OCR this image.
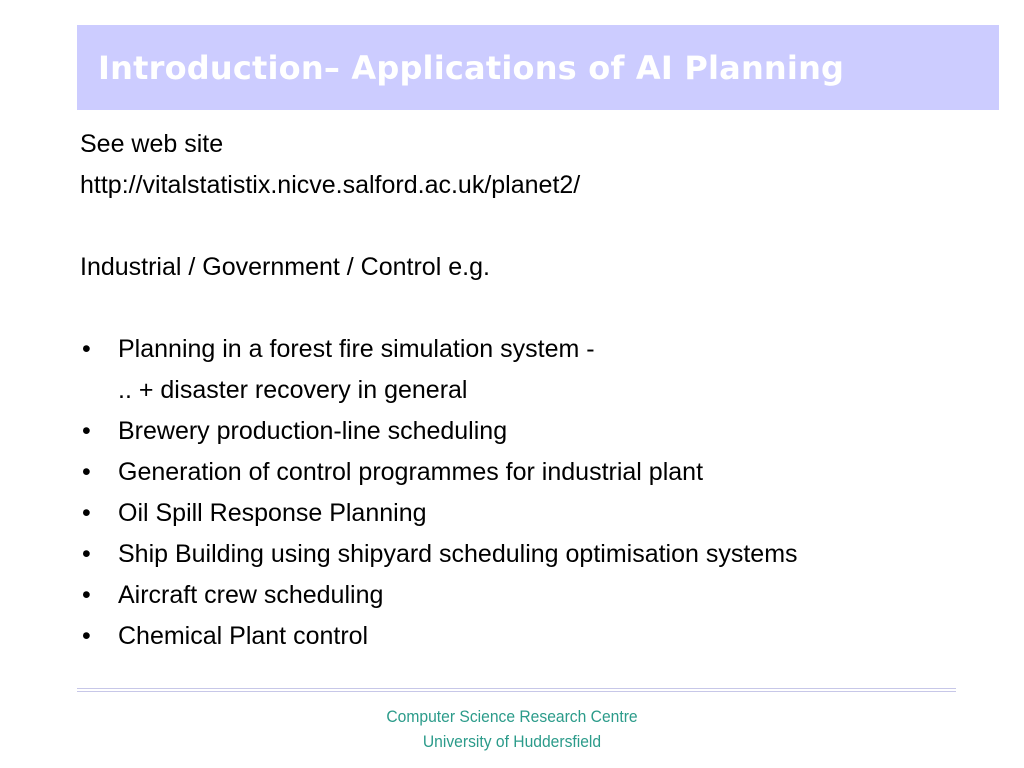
Introduction– Applications of AI Planning
See web site
http://vitalstatistix.nicve.salford.ac.uk/planet2/
Industrial / Government / Control e.g.
• Planning in a forest fire simulation system -
.. + disaster recovery in general
• Brewery production-line scheduling
• Generation of control programmes for industrial plant
• Oil Spill Response Planning
• Ship Building using shipyard scheduling optimisation systems
• Aircraft crew scheduling
• Chemical Plant control
Computer Science Research Centre
University of Huddersfield
